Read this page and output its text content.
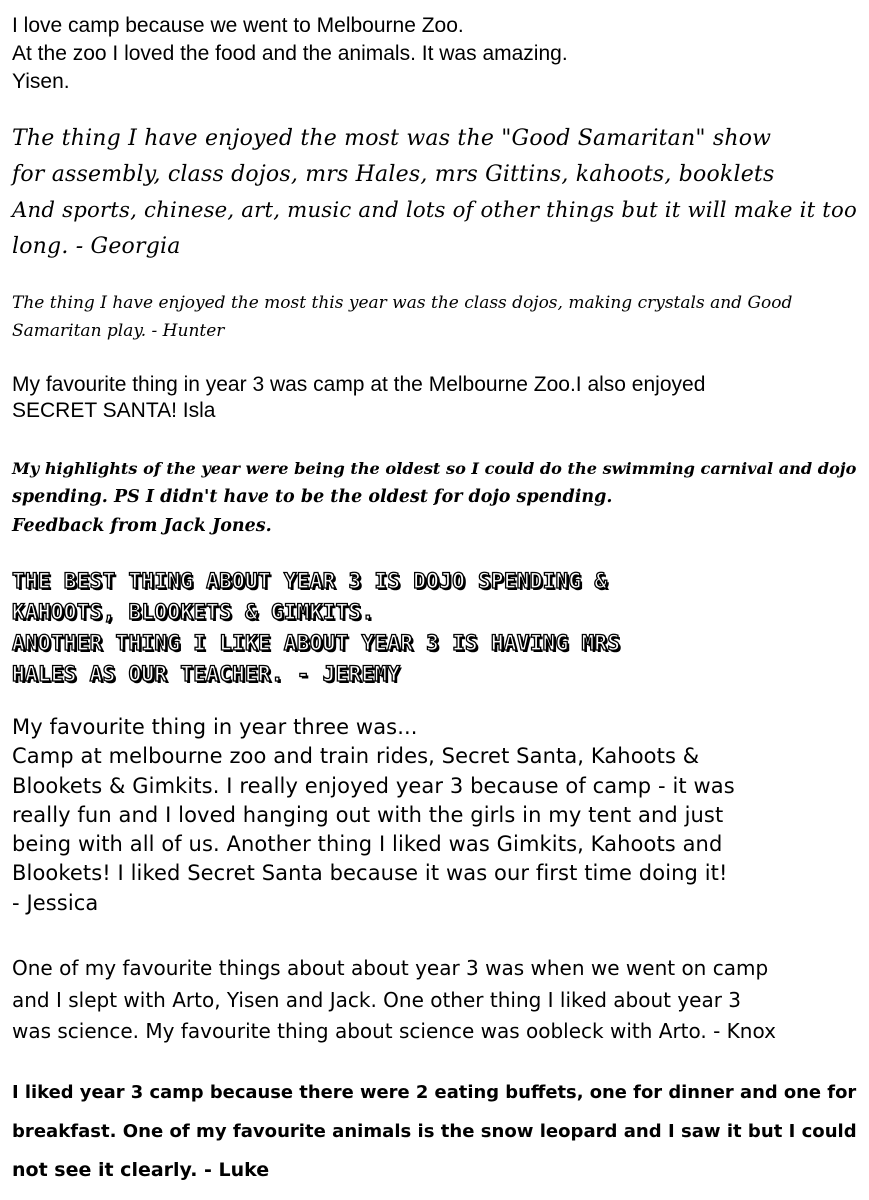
I love camp because we went to Melbourne Zoo.
At the zoo I loved the food and the animals. It was amazing.
Yisen.
The thing I have enjoyed the most was the "Good Samaritan" show
for assembly, class dojos, mrs Hales, mrs Gittins, kahoots, booklets
And sports, chinese, art, music and lots of other things but it will make it too
long. - Georgia
The thing I have enjoyed the most this year was the class dojos, making crystals and Good
Samaritan play. - Hunter
My favourite thing in year 3 was camp at the Melbourne Zoo.I also enjoyed
SECRET SANTA! Isla
My highlights of the year were being the oldest so I could do the swimming carnival and dojo
spending. PS I didn't have to be the oldest for dojo spending.
Feedback from Jack Jones.
THE BEST THING ABOUT YEAR 3 IS DOJO SPENDING &
KAHOOTS, BLOOKETS & GIMKITS.
ANOTHER THING I LIKE ABOUT YEAR 3 IS HAVING MRS
HALES AS OUR TEACHER. - JEREMY
My favourite thing in year three was...
Camp at melbourne zoo and train rides, Secret Santa, Kahoots &
Blookets & Gimkits. I really enjoyed year 3 because of camp - it was
really fun and I loved hanging out with the girls in my tent and just
being with all of us. Another thing I liked was Gimkits, Kahoots and
Blookets! I liked Secret Santa because it was our first time doing it!
- Jessica
One of my favourite things about about year 3 was when we went on camp
and I slept with Arto, Yisen and Jack. One other thing I liked about year 3
was science. My favourite thing about science was oobleck with Arto. - Knox
I liked year 3 camp because there were 2 eating buffets, one for dinner and one for
breakfast. One of my favourite animals is the snow leopard and I saw it but I could
not see it clearly. - Luke
